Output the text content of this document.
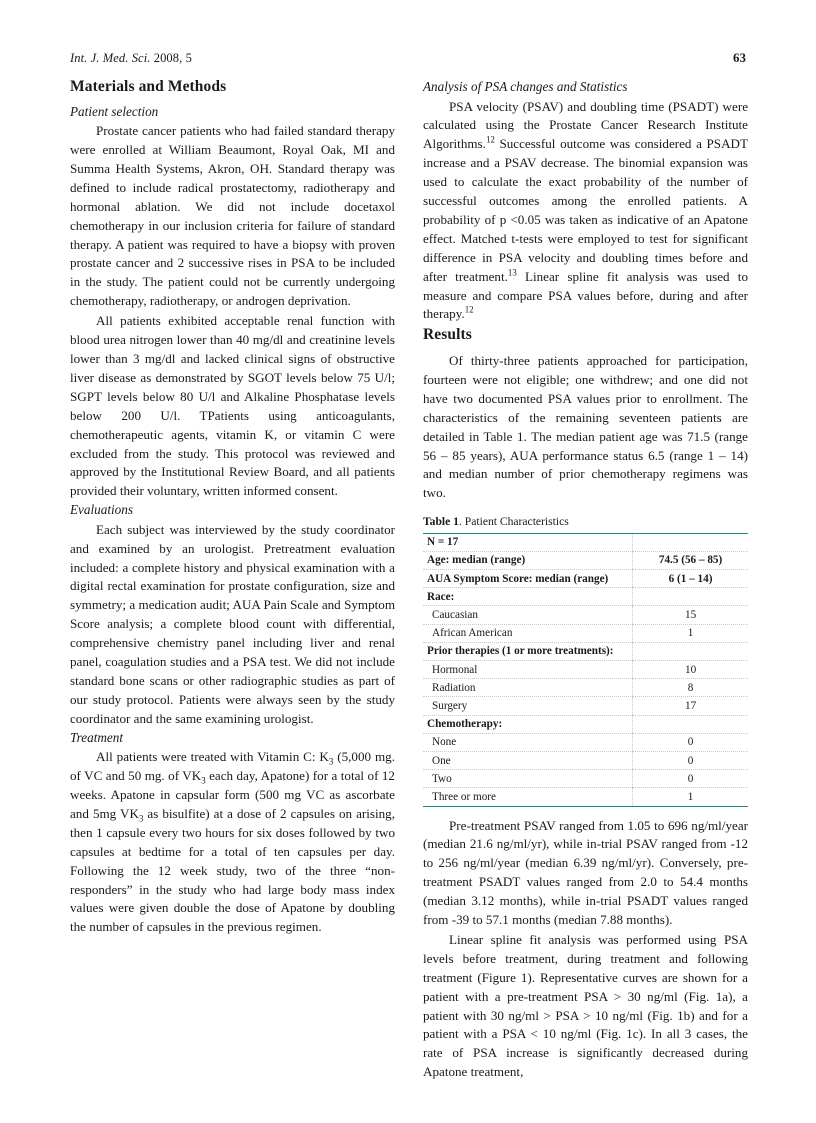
Int. J. Med. Sci. 2008, 5	63
Materials and Methods
Patient selection

Prostate cancer patients who had failed standard therapy were enrolled at William Beaumont, Royal Oak, MI and Summa Health Systems, Akron, OH. Standard therapy was defined to include radical prostatectomy, radiotherapy and hormonal ablation. We did not include docetaxol chemotherapy in our inclusion criteria for failure of standard therapy. A patient was required to have a biopsy with proven prostate cancer and 2 successive rises in PSA to be included in the study. The patient could not be currently undergoing chemotherapy, radiotherapy, or androgen deprivation.

All patients exhibited acceptable renal function with blood urea nitrogen lower than 40 mg/dl and creatinine levels lower than 3 mg/dl and lacked clinical signs of obstructive liver disease as demonstrated by SGOT levels below 75 U/l; SGPT levels below 80 U/l and Alkaline Phosphatase levels below 200 U/l. TPatients using anticoagulants, chemotherapeutic agents, vitamin K, or vitamin C were excluded from the study. This protocol was reviewed and approved by the Institutional Review Board, and all patients provided their voluntary, written informed consent.

Evaluations

Each subject was interviewed by the study coordinator and examined by an urologist. Pretreatment evaluation included: a complete history and physical examination with a digital rectal examination for prostate configuration, size and symmetry; a medication audit; AUA Pain Scale and Symptom Score analysis; a complete blood count with differential, comprehensive chemistry panel including liver and renal panel, coagulation studies and a PSA test. We did not include standard bone scans or other radiographic studies as part of our study protocol. Patients were always seen by the study coordinator and the same examining urologist.

Treatment

All patients were treated with Vitamin C: $K_3$ (5,000 mg. of VC and 50 mg. of $VK_3$ each day, Apatone) for a total of 12 weeks. Apatone in capsular form (500 mg VC as ascorbate and 5mg $VK_3$ as bisulfite) at a dose of 2 capsules on arising, then 1 capsule every two hours for six doses followed by two capsules at bedtime for a total of ten capsules per day. Following the 12 week study, two of the three “non-responders” in the study who had large body mass index values were given double the dose of Apatone by doubling the number of capsules in the previous regimen.

Analysis of PSA changes and Statistics

PSA velocity (PSAV) and doubling time (PSADT) were calculated using the Prostate Cancer Research Institute Algorithms.$^{12}$ Successful outcome was considered a PSADT increase and a PSAV decrease. The binomial expansion was used to calculate the exact probability of the number of successful outcomes among the enrolled patients. A probability of p <0.05 was taken as indicative of an Apatone effect. Matched t-tests were employed to test for significant difference in PSA velocity and doubling times before and after treatment.$^{13}$ Linear spline fit analysis was used to measure and compare PSA values before, during and after therapy.$^{12}$

Results

Of thirty-three patients approached for participation, fourteen were not eligible; one withdrew; and one did not have two documented PSA values prior to enrollment. The characteristics of the remaining seventeen patients are detailed in Table 1. The median patient age was 71.5 (range 56 – 85 years), AUA performance status 6.5 (range 1 – 14) and median number of prior chemotherapy regimens was two.

Table 1. Patient Characteristics
N = 17	
Age: median (range)	74.5 (56 – 85)
AUA Symptom Score: median (range)	6 (1 – 14)
Race:	
Caucasian	15
African American	1
Prior therapies (1 or more treatments):	
Hormonal	10
Radiation	8
Surgery	17
Chemotherapy:	
None	0
One	0
Two	0
Three or more	1

Pre-treatment PSAV ranged from 1.05 to 696 ng/ml/year (median 21.6 ng/ml/yr), while in-trial PSAV ranged from -12 to 256 ng/ml/year (median 6.39 ng/ml/yr). Conversely, pre-treatment PSADT values ranged from 2.0 to 54.4 months (median 3.12 months), while in-trial PSADT values ranged from -39 to 57.1 months (median 7.88 months).

Linear spline fit analysis was performed using PSA levels before treatment, during treatment and following treatment (Figure 1). Representative curves are shown for a patient with a pre-treatment PSA > 30 ng/ml (Fig. 1a), a patient with 30 ng/ml > PSA > 10 ng/ml (Fig. 1b) and for a patient with a PSA < 10 ng/ml (Fig. 1c). In all 3 cases, the rate of PSA increase is significantly decreased during Apatone treatment,
